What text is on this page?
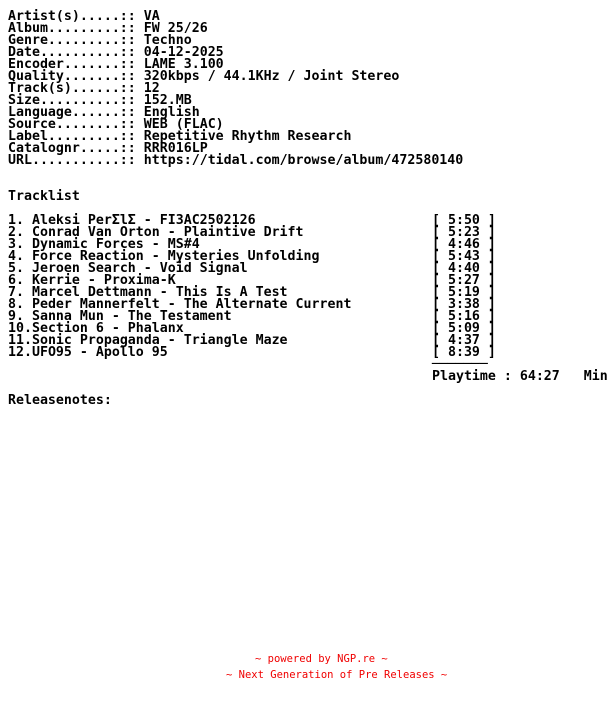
Artist(s).....:: VA
Album.........:: FW 25/26
Genre.........:: Techno
Date..........:: 04-12-2025
Encoder.......:: LAME 3.100
Quality.......:: 320kbps / 44.1KHz / Joint Stereo
Track(s)......:: 12
Size..........:: 152.MB
Language......:: English
Source........:: WEB (FLAC)
Label.........:: Repetitive Rhythm Research
Catalognr.....:: RRR016LP
URL...........:: https://tidal.com/browse/album/472580140
Tracklist
1. Aleksi PerΣlΣ - FI3AC2502126	[ 5:50 ]
2. Conrad Van Orton - Plaintive Drift	[ 5:23 ]
3. Dynamic Forces - MS#4	[ 4:46 ]
4. Force Reaction - Mysteries Unfolding	[ 5:43 ]
5. Jeroen Search - Void Signal	[ 4:40 ]
6. Kerrie - Proxima-K	[ 5:27 ]
7. Marcel Dettmann - This Is A Test	[ 5:19 ]
8. Peder Mannerfelt - The Alternate Current	[ 3:38 ]
9. Sanna Mun - The Testament	[ 5:16 ]
10.Section 6 - Phalanx	[ 5:09 ]
11.Sonic Propaganda - Triangle Maze	[ 4:37 ]
12.UFO95 - Apollo 95	[ 8:39 ]
───────
Playtime : 64:27   Min
Releasenotes:
~ powered by NGP.re ~
~ Next Generation of Pre Releases ~
